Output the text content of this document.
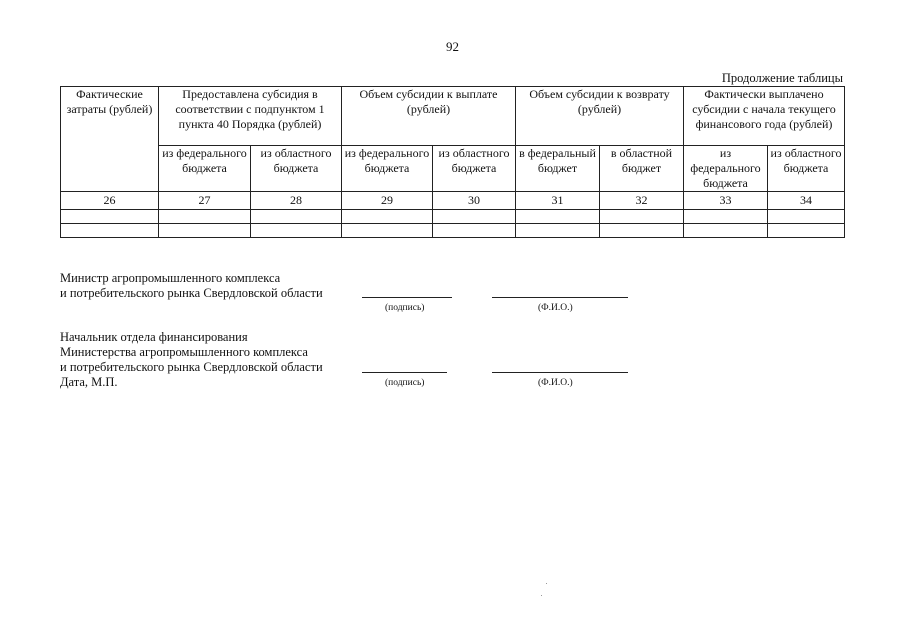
92
Продолжение таблицы
Фактические затраты (рублей)	Предоставлена субсидия в соответствии с подпунктом 1 пункта 40 Порядка (рублей)		Объем субсидии к выплате (рублей)		Объем субсидии к возврату (рублей)		Фактически выплачено субсидии с начала текущего финансового года (рублей)	
	из федерального бюджета	из областного бюджета	из федерального бюджета	из областного бюджета	в федеральный бюджет	в областной бюджет	из федерального бюджета	из областного бюджета
26	27	28	29	30	31	32	33	34

Министр агропромышленного комплекса
и потребительского рынка Свердловской области
(подпись)	(Ф.И.О.)
Начальник отдела финансирования
Министерства агропромышленного комплекса
и потребительского рынка Свердловской области
Дата, М.П.	(подпись)	(Ф.И.О.)
